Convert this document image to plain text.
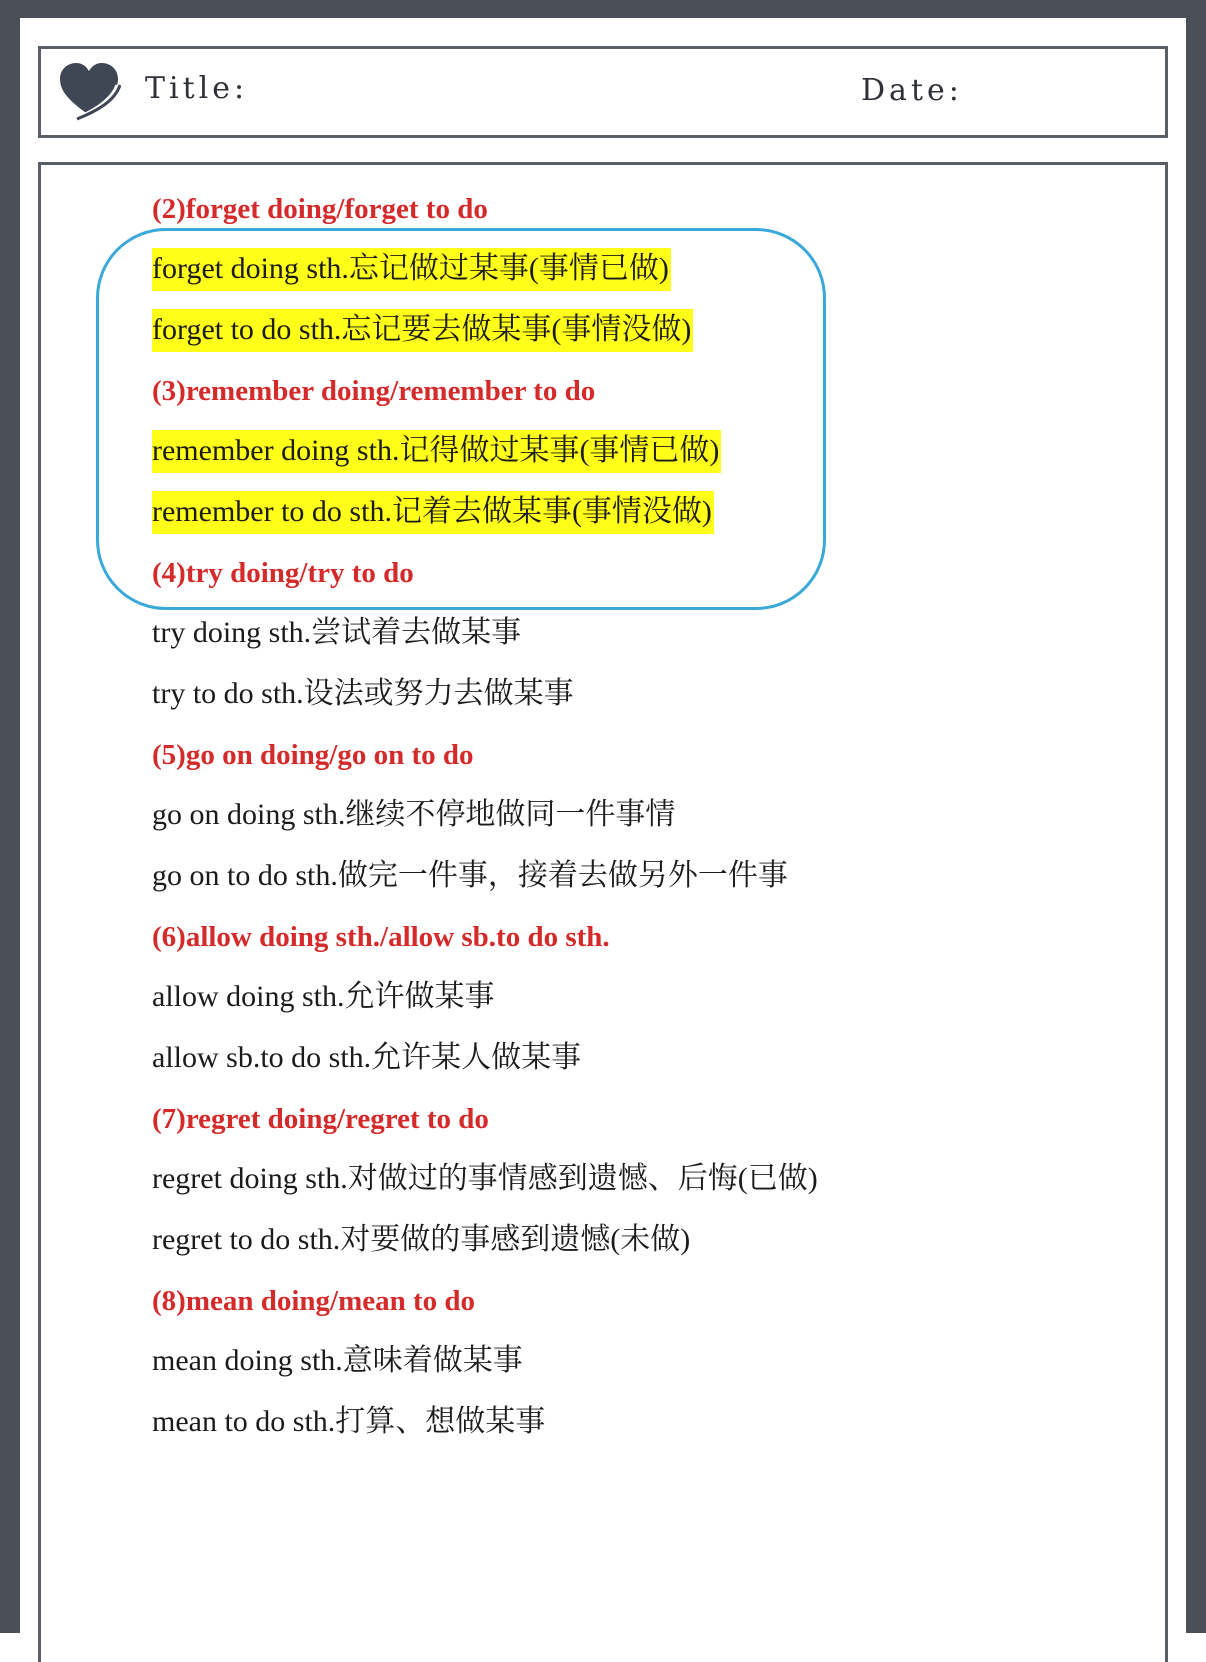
Title:	Date:
(2)forget doing/forget to do
forget doing sth.忘记做过某事(事情已做)
forget to do sth.忘记要去做某事(事情没做)
(3)remember doing/remember to do
remember doing sth.记得做过某事(事情已做)
remember to do sth.记着去做某事(事情没做)
(4)try doing/try to do
try doing sth.尝试着去做某事
try to do sth.设法或努力去做某事
(5)go on doing/go on to do
go on doing sth.继续不停地做同一件事情
go on to do sth.做完一件事，接着去做另外一件事
(6)allow doing sth./allow sb.to do sth.
allow doing sth.允许做某事
allow sb.to do sth.允许某人做某事
(7)regret doing/regret to do
regret doing sth.对做过的事情感到遗憾、后悔(已做)
regret to do sth.对要做的事感到遗憾(未做)
(8)mean doing/mean to do
mean doing sth.意味着做某事
mean to do sth.打算、想做某事
